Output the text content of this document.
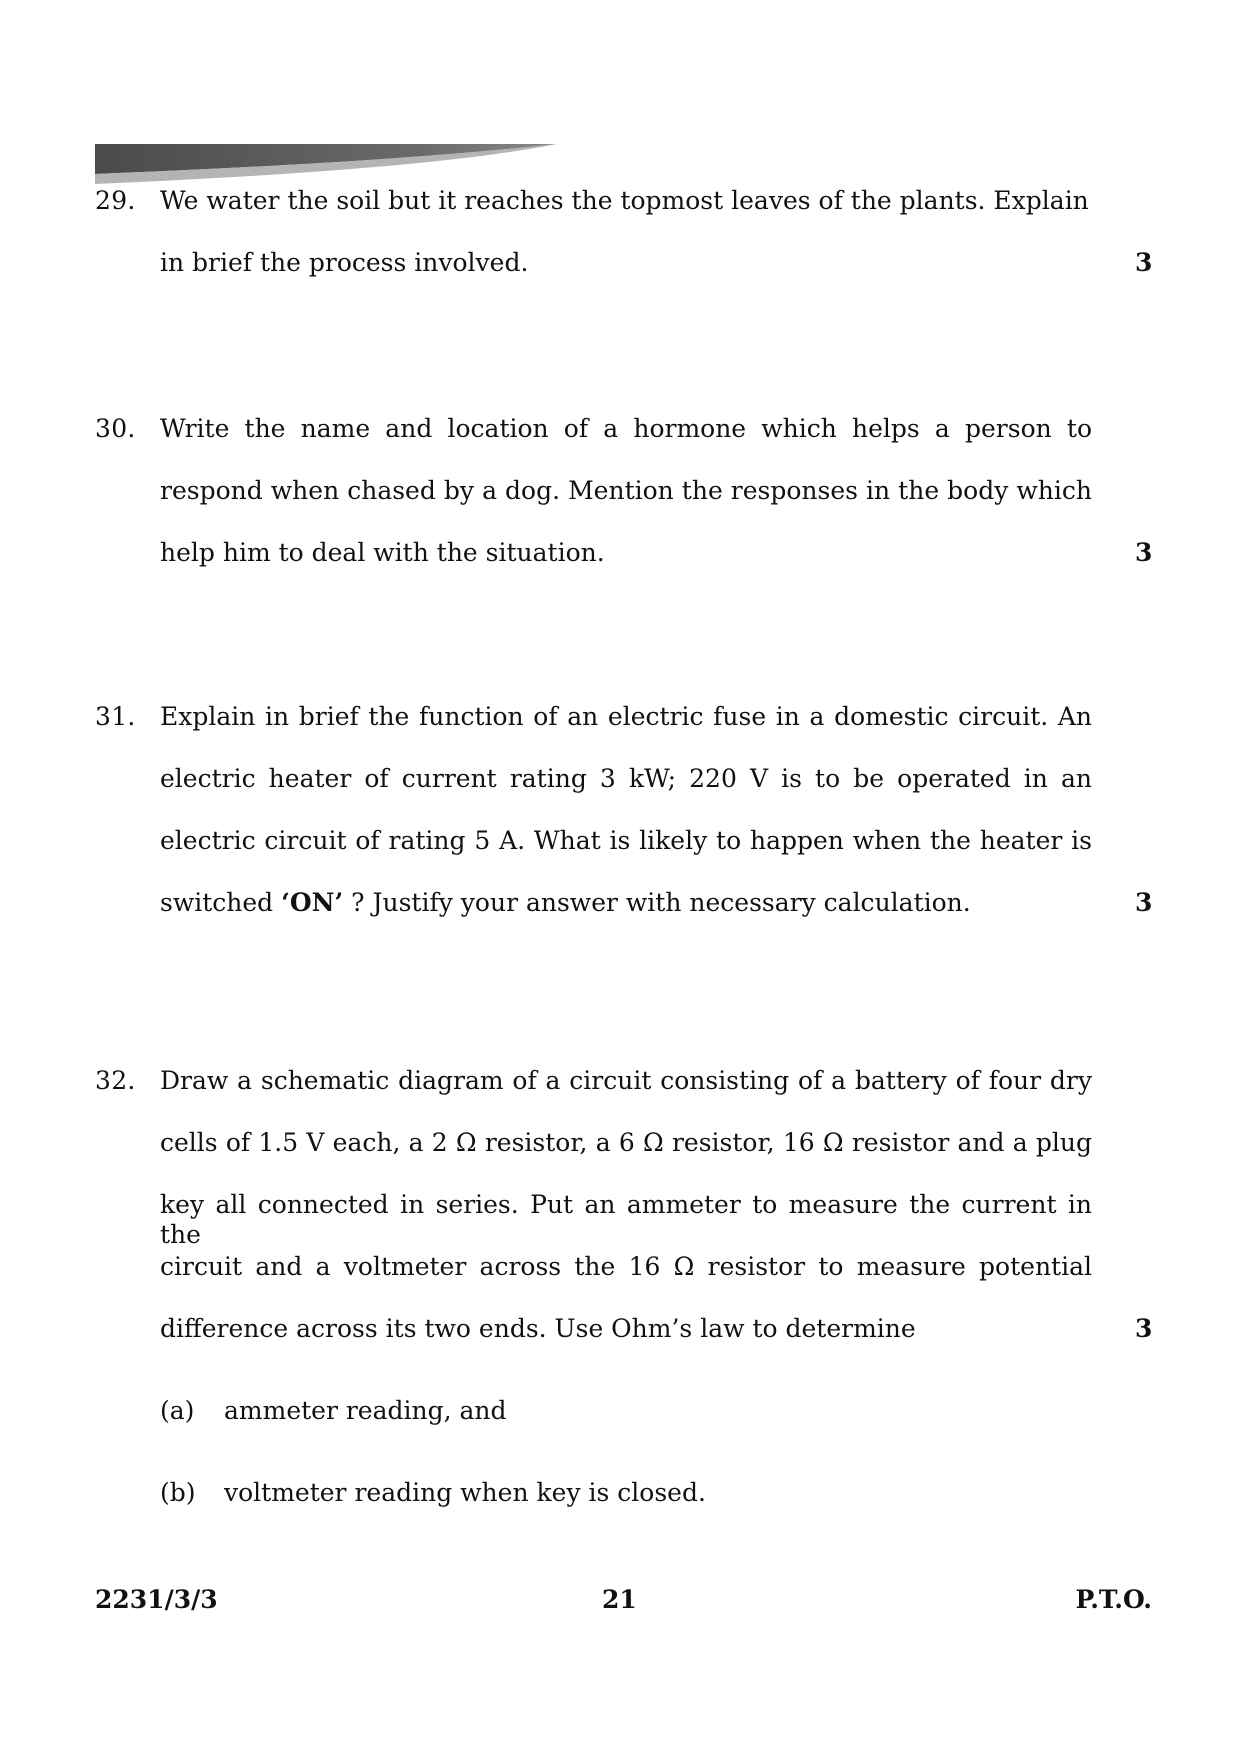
29. We water the soil but it reaches the topmost leaves of the plants. Explain
in brief the process involved.	3
30. Write the name and location of a hormone which helps a person to
respond when chased by a dog. Mention the responses in the body which
help him to deal with the situation.	3
31. Explain in brief the function of an electric fuse in a domestic circuit. An
electric heater of current rating 3 kW; 220 V is to be operated in an
electric circuit of rating 5 A. What is likely to happen when the heater is
switched ‘ON’ ? Justify your answer with necessary calculation.	3
32. Draw a schematic diagram of a circuit consisting of a battery of four dry
cells of 1.5 V each, a 2 Ω resistor, a 6 Ω resistor, 16 Ω resistor and a plug
key all connected in series. Put an ammeter to measure the current in the
circuit and a voltmeter across the 16 Ω resistor to measure potential
difference across its two ends. Use Ohm’s law to determine	3
(a) ammeter reading, and
(b) voltmeter reading when key is closed.
2231/3/3	21	P.T.O.
